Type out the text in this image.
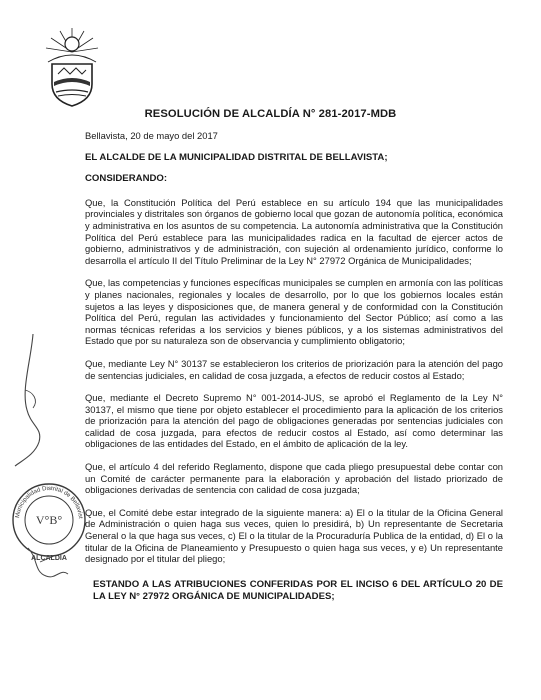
RESOLUCIÓN DE ALCALDÍA N° 281-2017-MDB

Bellavista, 20 de mayo del 2017

EL ALCALDE DE LA MUNICIPALIDAD DISTRITAL DE BELLAVISTA;

CONSIDERANDO:

Que, la Constitución Política del Perú establece en su artículo 194 que las municipalidades provinciales y distritales son órganos de gobierno local que gozan de autonomía política, económica y administrativa en los asuntos de su competencia. La autonomía administrativa que la Constitución Política del Perú establece para las municipalidades radica en la facultad de ejercer actos de gobierno, administrativos y de administración, con sujeción al ordenamiento jurídico, conforme lo desarrolla el artículo II del Título Preliminar de la Ley N° 27972 Orgánica de Municipalidades;

Que, las competencias y funciones específicas municipales se cumplen en armonía con las políticas y planes nacionales, regionales y locales de desarrollo, por lo que los gobiernos locales están sujetos a las leyes y disposiciones que, de manera general y de conformidad con la Constitución Política del Perú, regulan las actividades y funcionamiento del Sector Público; así como a las normas técnicas referidas a los servicios y bienes públicos, y a los sistemas administrativos del Estado que por su naturaleza son de observancia y cumplimiento obligatorio;

Que, mediante Ley N° 30137 se establecieron los criterios de priorización para la atención del pago de sentencias judiciales, en calidad de cosa juzgada, a efectos de reducir costos al Estado;

Que, mediante el Decreto Supremo N° 001-2014-JUS, se aprobó el Reglamento de la Ley N° 30137, el mismo que tiene por objeto establecer el procedimiento para la aplicación de los criterios de priorización para la atención del pago de obligaciones generadas por sentencias judiciales con calidad de cosa juzgada, para efectos de reducir costos al Estado, así como determinar las obligaciones de las entidades del Estado, en el ámbito de aplicación de la ley.

Que, el artículo 4 del referido Reglamento, dispone que cada pliego presupuestal debe contar con un Comité de carácter permanente para la elaboración y aprobación del listado priorizado de obligaciones derivadas de sentencia con calidad de cosa juzgada;

Que, el Comité debe estar integrado de la siguiente manera: a) El o la titular de la Oficina General de Administración o quien haga sus veces, quien lo presidirá, b) Un representante de Secretaria General o la que haga sus veces, c) El o la titular de la Procuraduría Publica de la entidad, d) El o la titular de la Oficina de Planeamiento y Presupuesto o quien haga sus veces, y e) Un representante designado por el titular del pliego;

ESTANDO A LAS ATRIBUCIONES CONFERIDAS POR EL INCISO 6 DEL ARTÍCULO 20 DE LA LEY N° 27972 ORGÁNICA DE MUNICIPALIDADES;

Municipalidad Distrital de Bellavist
V°B°
ALCALDÍA
